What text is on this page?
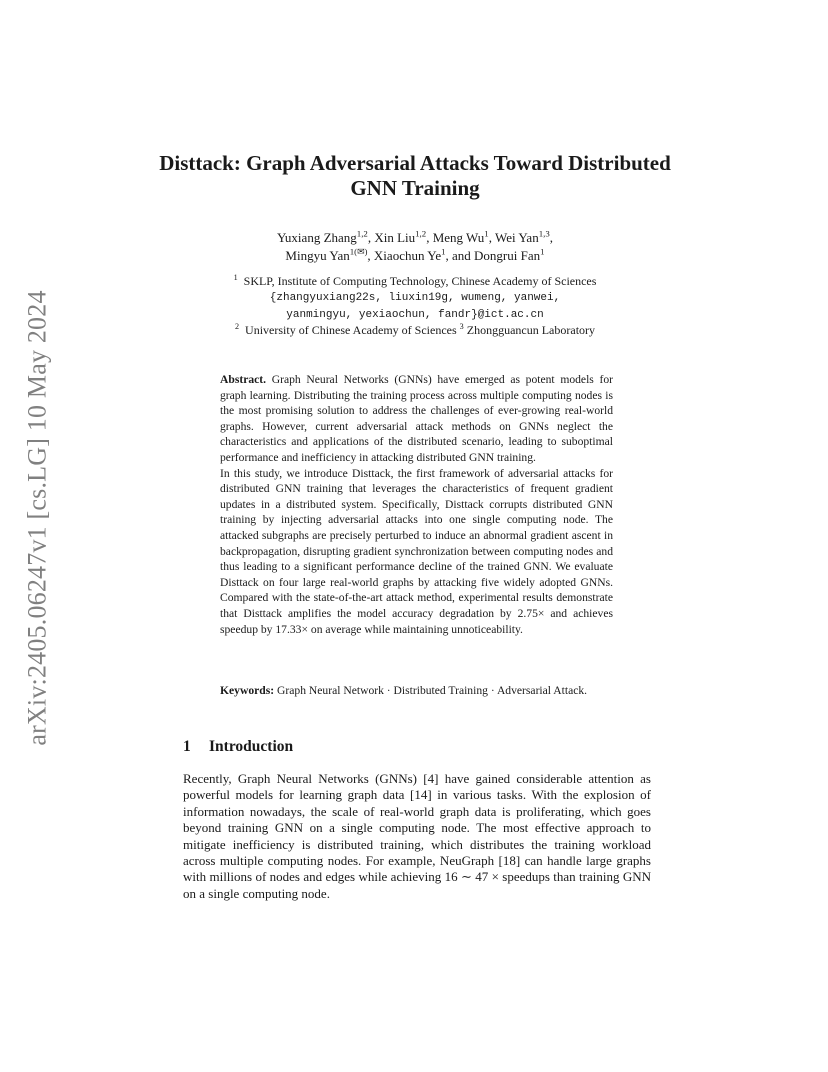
arXiv:2405.06247v1 [cs.LG] 10 May 2024
Disttack: Graph Adversarial Attacks Toward Distributed GNN Training
Yuxiang Zhang$^{1,2}$, Xin Liu$^{1,2}$, Meng Wu$^1$, Wei Yan$^{1,3}$,
Mingyu Yan$^{1(✉)}$, Xiaochun Ye$^1$, and Dongrui Fan$^1$
$^1$ SKLP, Institute of Computing Technology, Chinese Academy of Sciences
{zhangyuxiang22s, liuxin19g, wumeng, yanwei,
yanmingyu, yexiaochun, fandr}@ict.ac.cn
$^2$ University of Chinese Academy of Sciences $^3$ Zhongguancun Laboratory

Abstract. Graph Neural Networks (GNNs) have emerged as potent models for graph learning. Distributing the training process across multiple computing nodes is the most promising solution to address the challenges of ever-growing real-world graphs. However, current adversarial attack methods on GNNs neglect the characteristics and applications of the distributed scenario, leading to suboptimal performance and inefficiency in attacking distributed GNN training.

In this study, we introduce Disttack, the first framework of adversarial attacks for distributed GNN training that leverages the characteristics of frequent gradient updates in a distributed system. Specifically, Disttack corrupts distributed GNN training by injecting adversarial attacks into one single computing node. The attacked subgraphs are precisely perturbed to induce an abnormal gradient ascent in backpropagation, disrupting gradient synchronization between computing nodes and thus leading to a significant performance decline of the trained GNN. We evaluate Disttack on four large real-world graphs by attacking five widely adopted GNNs. Compared with the state-of-the-art attack method, experimental results demonstrate that Disttack amplifies the model accuracy degradation by 2.75× and achieves speedup by 17.33× on average while maintaining unnoticeability.

Keywords: Graph Neural Network · Distributed Training · Adversarial Attack.
1 Introduction

Recently, Graph Neural Networks (GNNs) [4] have gained considerable attention as powerful models for learning graph data [14] in various tasks. With the explosion of information nowadays, the scale of real-world graph data is proliferating, which goes beyond training GNN on a single computing node. The most effective approach to mitigate inefficiency is distributed training, which distributes the training workload across multiple computing nodes. For example, NeuGraph [18] can handle large graphs with millions of nodes and edges while achieving 16 ∼ 47 × speedups than training GNN on a single computing node.
